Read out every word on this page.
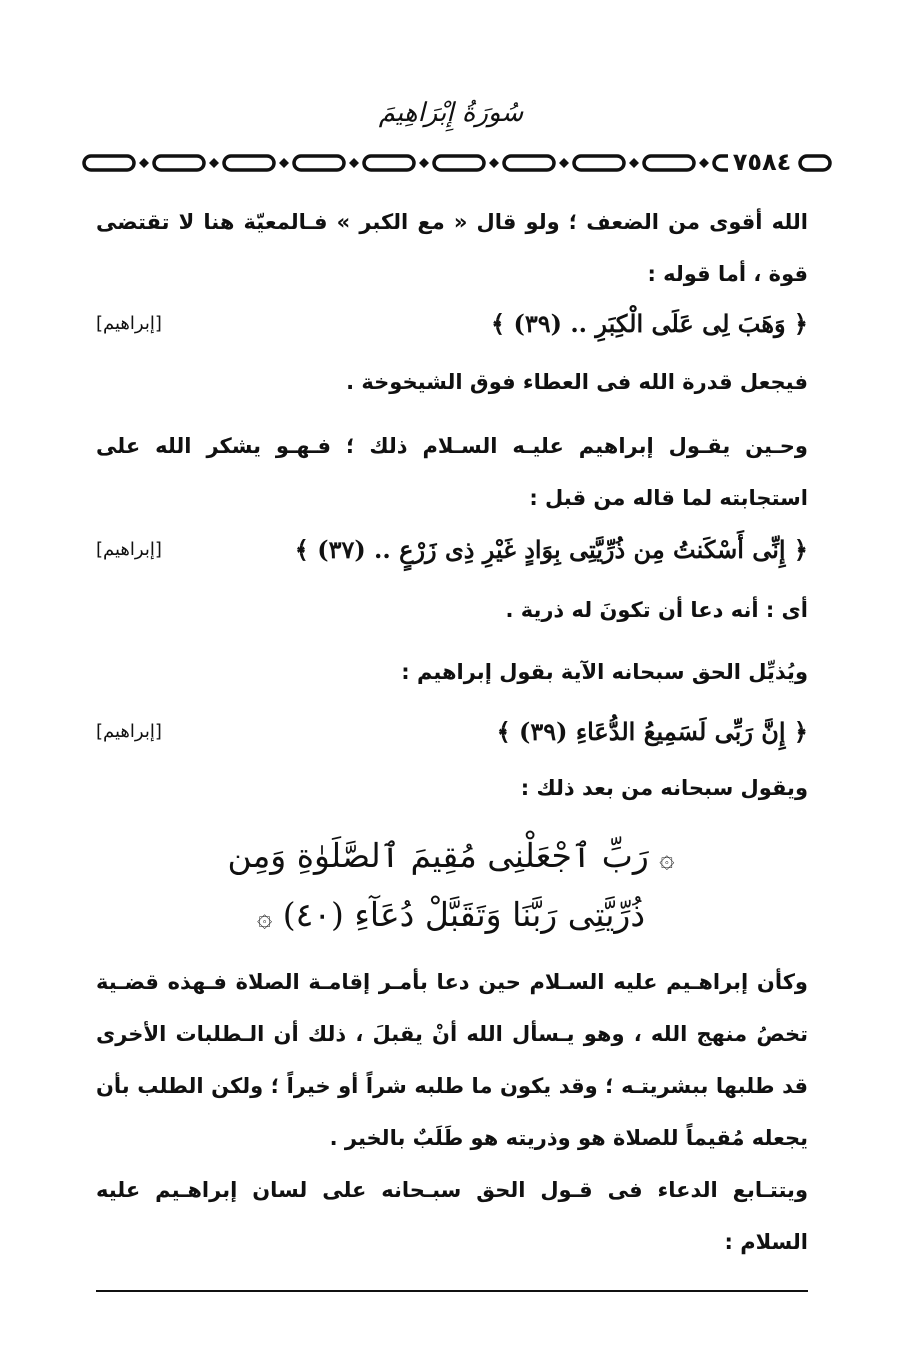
سُورَةُ إِبْرَاهِيمَ
٧٥٨٤
الله أقوى من الضعف ؛ ولو قال « مع الكبر » فـالمعيّة هنا لا تقتضى قوة ، أما قوله :
﴿ وَهَبَ لِى عَلَى الْكِبَرِ .. (٣٩) ﴾
[إبراهيم]
فيجعل قدرة الله فى العطاء فوق الشيخوخة .
وحـين يقـول إبراهيم عليـه السـلام ذلك ؛ فـهـو يشكر الله على استجابته لما قاله من قبل :
﴿ إِنِّى أَسْكَنتُ مِن ذُرِّيَّتِى بِوَادٍ غَيْرِ ذِى زَرْعٍ .. (٣٧) ﴾
[إبراهيم]
أى : أنه دعا أن تكونَ له ذرية .
ويُذيِّل الحق سبحانه الآية بقول إبراهيم :
﴿ إِنَّ رَبِّى لَسَمِيعُ الدُّعَاءِ (٣٩) ﴾
[إبراهيم]
ويقول سبحانه من بعد ذلك :
۞ رَبِّ ٱجْعَلْنِى مُقِيمَ ٱلصَّلَوٰةِ وَمِن
ذُرِّيَّتِى رَبَّنَا وَتَقَبَّلْ دُعَآءِ (٤٠) ۞
وكأن إبراهـيم عليه السـلام حين دعا بأمـر إقامـة الصلاة فـهذه قضـية تخصُ منهج الله ، وهو يـسأل الله أنْ يقبلَ ، ذلك أن الـطلبات الأخرى قد طلبها ببشريتـه ؛ وقد يكون ما طلبه شراً أو خيراً ؛ ولكن الطلب بأن يجعله مُقيماً للصلاة هو وذريته هو طَلَبٌ بالخير .
ويتتـابع الدعاء فى قـول الحق سبـحانه على لسان إبراهـيم عليه السلام :
